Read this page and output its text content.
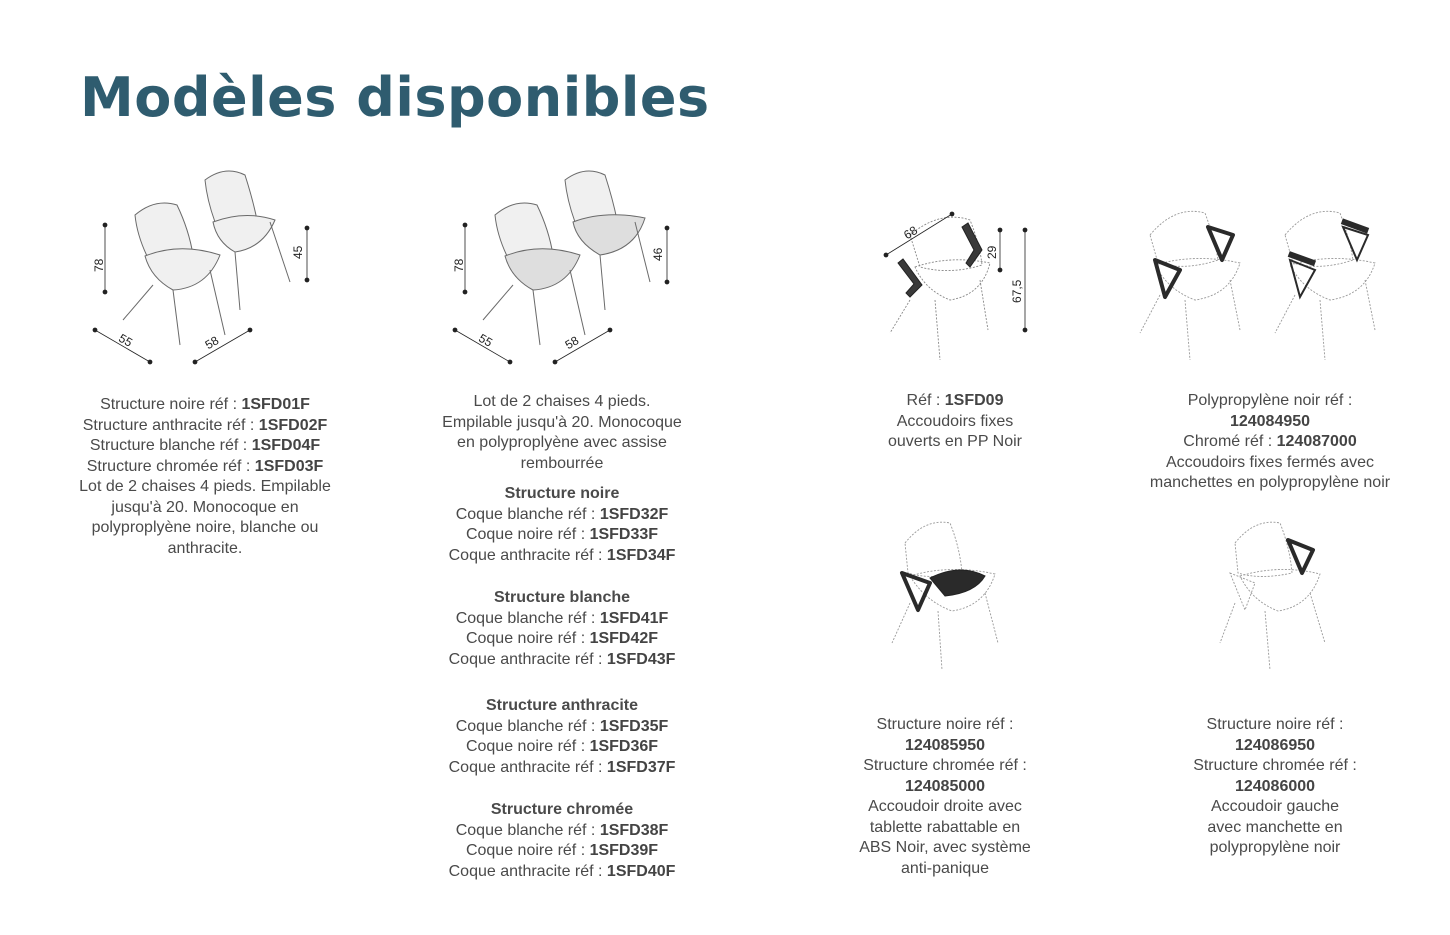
Modèles disponibles
78
45
55	58
78
46
55	58
68
29
67,5
Structure noire réf : 1SFD01F
Structure anthracite réf : 1SFD02F
Structure blanche réf : 1SFD04F
Structure chromée réf : 1SFD03F
Lot de 2 chaises 4 pieds. Empilable
jusqu'à 20. Monocoque en
polyproplyène noire, blanche ou
anthracite.
Lot de 2 chaises 4 pieds.
Empilable jusqu'à 20. Monocoque
en polyproplyène avec assise
rembourrée
Structure noire
Coque blanche réf : 1SFD32F
Coque noire réf : 1SFD33F
Coque anthracite réf : 1SFD34F
Structure blanche
Coque blanche réf : 1SFD41F
Coque noire réf : 1SFD42F
Coque anthracite réf : 1SFD43F
Structure anthracite
Coque blanche réf : 1SFD35F
Coque noire réf : 1SFD36F
Coque anthracite réf : 1SFD37F
Structure chromée
Coque blanche réf : 1SFD38F
Coque noire réf : 1SFD39F
Coque anthracite réf : 1SFD40F
Réf : 1SFD09
Accoudoirs fixes
ouverts en PP Noir
Polypropylène noir réf :
124084950
Chromé réf : 124087000
Accoudoirs fixes fermés avec
manchettes en polypropylène noir
Structure noire réf :
124085950
Structure chromée réf :
124085000
Accoudoir droite avec
tablette rabattable en
ABS Noir, avec système
anti-panique
Structure noire réf :
124086950
Structure chromée réf :
124086000
Accoudoir gauche
avec manchette en
polypropylène noir
